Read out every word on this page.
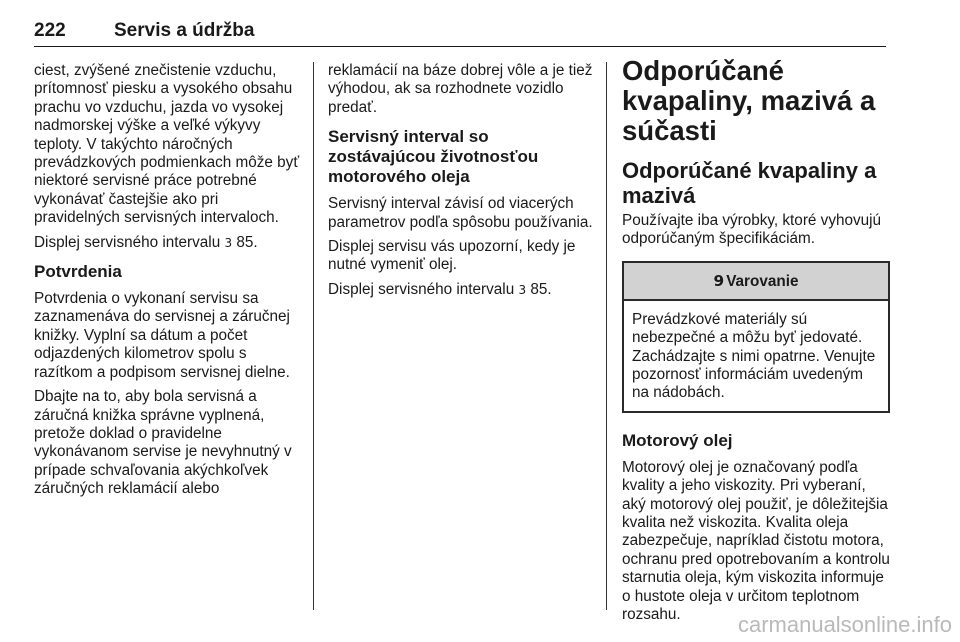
222	Servis a údržba

ciest, zvýšené znečistenie vzduchu, prítomnosť piesku a vysokého obsahu prachu vo vzduchu, jazda vo vysokej nadmorskej výške a veľké výkyvy teploty. V takýchto náročných prevádzkových podmienkach môže byť niektoré servisné práce potrebné vykonávať častejšie ako pri pravidelných servisných intervaloch.

Displej servisného intervalu 3 85.

Potvrdenia

Potvrdenia o vykonaní servisu sa zaznamenáva do servisnej a záručnej knižky. Vyplní sa dátum a počet odjazdených kilometrov spolu s razítkom a podpisom servisnej dielne.

Dbajte na to, aby bola servisná a záručná knižka správne vyplnená, pretože doklad o pravidelne vykonávanom servise je nevyhnutný v prípade schvaľovania akýchkoľvek záručných reklamácií alebo

reklamácií na báze dobrej vôle a je tiež výhodou, ak sa rozhodnete vozidlo predať.

Servisný interval so zostávajúcou životnosťou motorového oleja

Servisný interval závisí od viacerých parametrov podľa spôsobu používania.

Displej servisu vás upozorní, kedy je nutné vymeniť olej.

Displej servisného intervalu 3 85.

Odporúčané kvapaliny, mazivá a súčasti
Odporúčané kvapaliny a mazivá

Používajte iba výrobky, ktoré vyhovujú odporúčaným špecifikáciám.

9 Varovanie
Prevádzkové materiály sú nebezpečné a môžu byť jedovaté. Zachádzajte s nimi opatrne. Venujte pozornosť informáciám uvedeným na nádobách.
Motorový olej

Motorový olej je označovaný podľa kvality a jeho viskozity. Pri vyberaní, aký motorový olej použiť, je dôležitejšia kvalita než viskozita. Kvalita oleja zabezpečuje, napríklad čistotu motora, ochranu pred opotrebovaním a kontrolu starnutia oleja, kým viskozita informuje o hustote oleja v určitom teplotnom rozsahu.	carmanualsonline.info
